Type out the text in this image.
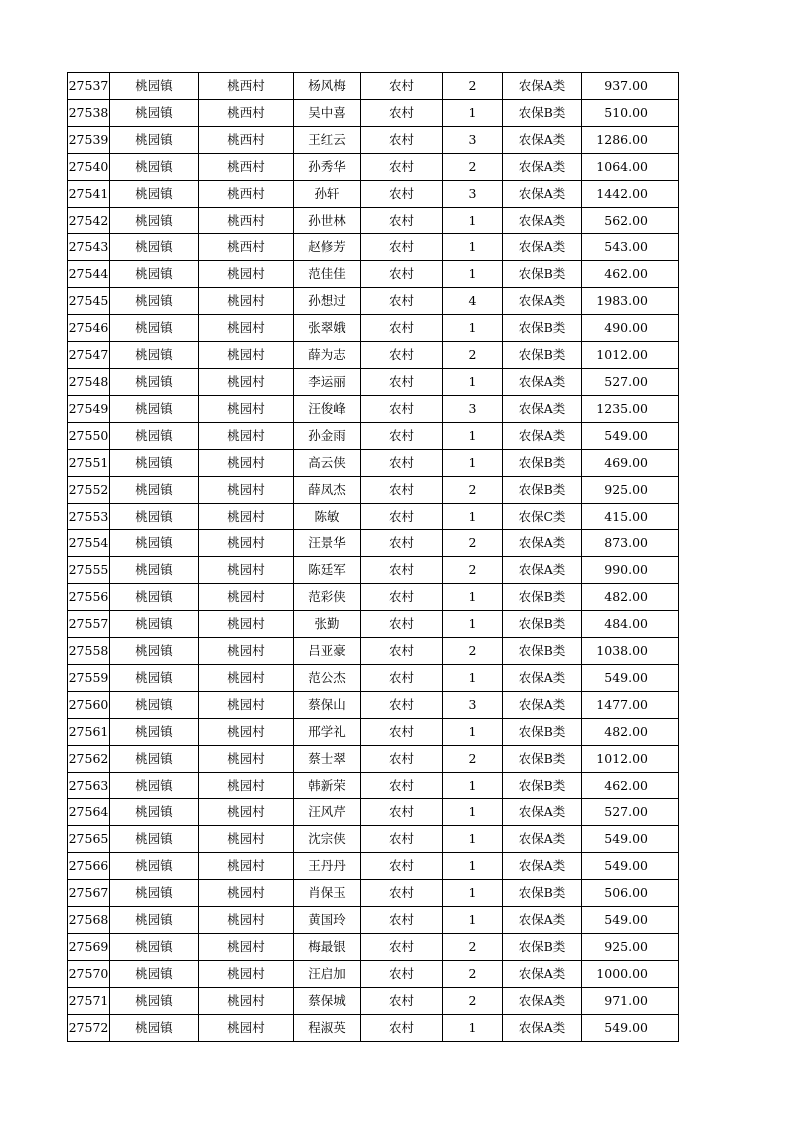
27537	桃园镇	桃西村	杨风梅	农村	2	农保A类	937.00
27538	桃园镇	桃西村	吴中喜	农村	1	农保B类	510.00
27539	桃园镇	桃西村	王红云	农村	3	农保A类	1286.00
27540	桃园镇	桃西村	孙秀华	农村	2	农保A类	1064.00
27541	桃园镇	桃西村	孙轩	农村	3	农保A类	1442.00
27542	桃园镇	桃西村	孙世林	农村	1	农保A类	562.00
27543	桃园镇	桃西村	赵修芳	农村	1	农保A类	543.00
27544	桃园镇	桃园村	范佳佳	农村	1	农保B类	462.00
27545	桃园镇	桃园村	孙想过	农村	4	农保A类	1983.00
27546	桃园镇	桃园村	张翠娥	农村	1	农保B类	490.00
27547	桃园镇	桃园村	薛为志	农村	2	农保B类	1012.00
27548	桃园镇	桃园村	李运丽	农村	1	农保A类	527.00
27549	桃园镇	桃园村	汪俊峰	农村	3	农保A类	1235.00
27550	桃园镇	桃园村	孙金雨	农村	1	农保A类	549.00
27551	桃园镇	桃园村	高云侠	农村	1	农保B类	469.00
27552	桃园镇	桃园村	薛凤杰	农村	2	农保B类	925.00
27553	桃园镇	桃园村	陈敏	农村	1	农保C类	415.00
27554	桃园镇	桃园村	汪景华	农村	2	农保A类	873.00
27555	桃园镇	桃园村	陈廷军	农村	2	农保A类	990.00
27556	桃园镇	桃园村	范彩侠	农村	1	农保B类	482.00
27557	桃园镇	桃园村	张勤	农村	1	农保B类	484.00
27558	桃园镇	桃园村	吕亚豪	农村	2	农保B类	1038.00
27559	桃园镇	桃园村	范公杰	农村	1	农保A类	549.00
27560	桃园镇	桃园村	蔡保山	农村	3	农保A类	1477.00
27561	桃园镇	桃园村	邢学礼	农村	1	农保B类	482.00
27562	桃园镇	桃园村	蔡士翠	农村	2	农保B类	1012.00
27563	桃园镇	桃园村	韩新荣	农村	1	农保B类	462.00
27564	桃园镇	桃园村	汪风芹	农村	1	农保A类	527.00
27565	桃园镇	桃园村	沈宗侠	农村	1	农保A类	549.00
27566	桃园镇	桃园村	王丹丹	农村	1	农保A类	549.00
27567	桃园镇	桃园村	肖保玉	农村	1	农保B类	506.00
27568	桃园镇	桃园村	黄国玲	农村	1	农保A类	549.00
27569	桃园镇	桃园村	梅最银	农村	2	农保B类	925.00
27570	桃园镇	桃园村	汪启加	农村	2	农保A类	1000.00
27571	桃园镇	桃园村	蔡保城	农村	2	农保A类	971.00
27572	桃园镇	桃园村	程淑英	农村	1	农保A类	549.00
